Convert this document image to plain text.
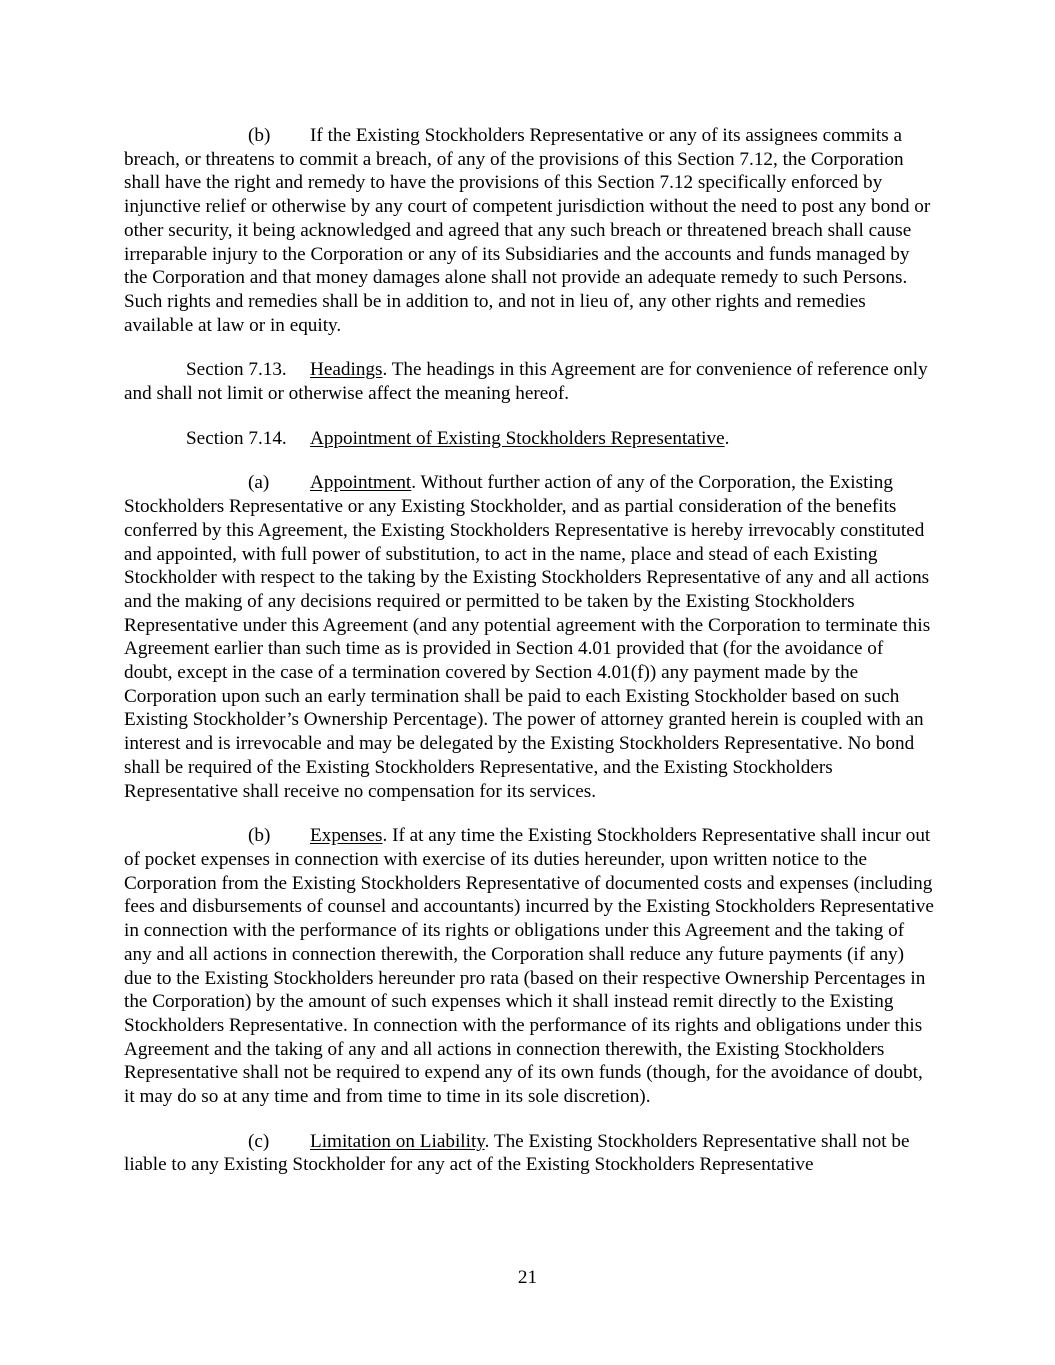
(b) If the Existing Stockholders Representative or any of its assignees commits a breach, or threatens to commit a breach, of any of the provisions of this Section 7.12, the Corporation shall have the right and remedy to have the provisions of this Section 7.12 specifically enforced by injunctive relief or otherwise by any court of competent jurisdiction without the need to post any bond or other security, it being acknowledged and agreed that any such breach or threatened breach shall cause irreparable injury to the Corporation or any of its Subsidiaries and the accounts and funds managed by the Corporation and that money damages alone shall not provide an adequate remedy to such Persons. Such rights and remedies shall be in addition to, and not in lieu of, any other rights and remedies available at law or in equity.

Section 7.13. Headings. The headings in this Agreement are for convenience of reference only and shall not limit or otherwise affect the meaning hereof.

Section 7.14. Appointment of Existing Stockholders Representative.

(a) Appointment. Without further action of any of the Corporation, the Existing Stockholders Representative or any Existing Stockholder, and as partial consideration of the benefits conferred by this Agreement, the Existing Stockholders Representative is hereby irrevocably constituted and appointed, with full power of substitution, to act in the name, place and stead of each Existing Stockholder with respect to the taking by the Existing Stockholders Representative of any and all actions and the making of any decisions required or permitted to be taken by the Existing Stockholders Representative under this Agreement (and any potential agreement with the Corporation to terminate this Agreement earlier than such time as is provided in Section 4.01 provided that (for the avoidance of doubt, except in the case of a termination covered by Section 4.01(f)) any payment made by the Corporation upon such an early termination shall be paid to each Existing Stockholder based on such Existing Stockholder’s Ownership Percentage). The power of attorney granted herein is coupled with an interest and is irrevocable and may be delegated by the Existing Stockholders Representative. No bond shall be required of the Existing Stockholders Representative, and the Existing Stockholders Representative shall receive no compensation for its services.

(b) Expenses. If at any time the Existing Stockholders Representative shall incur out of pocket expenses in connection with exercise of its duties hereunder, upon written notice to the Corporation from the Existing Stockholders Representative of documented costs and expenses (including fees and disbursements of counsel and accountants) incurred by the Existing Stockholders Representative in connection with the performance of its rights or obligations under this Agreement and the taking of any and all actions in connection therewith, the Corporation shall reduce any future payments (if any) due to the Existing Stockholders hereunder pro rata (based on their respective Ownership Percentages in the Corporation) by the amount of such expenses which it shall instead remit directly to the Existing Stockholders Representative. In connection with the performance of its rights and obligations under this Agreement and the taking of any and all actions in connection therewith, the Existing Stockholders Representative shall not be required to expend any of its own funds (though, for the avoidance of doubt, it may do so at any time and from time to time in its sole discretion).

(c) Limitation on Liability. The Existing Stockholders Representative shall not be liable to any Existing Stockholder for any act of the Existing Stockholders Representative

21
